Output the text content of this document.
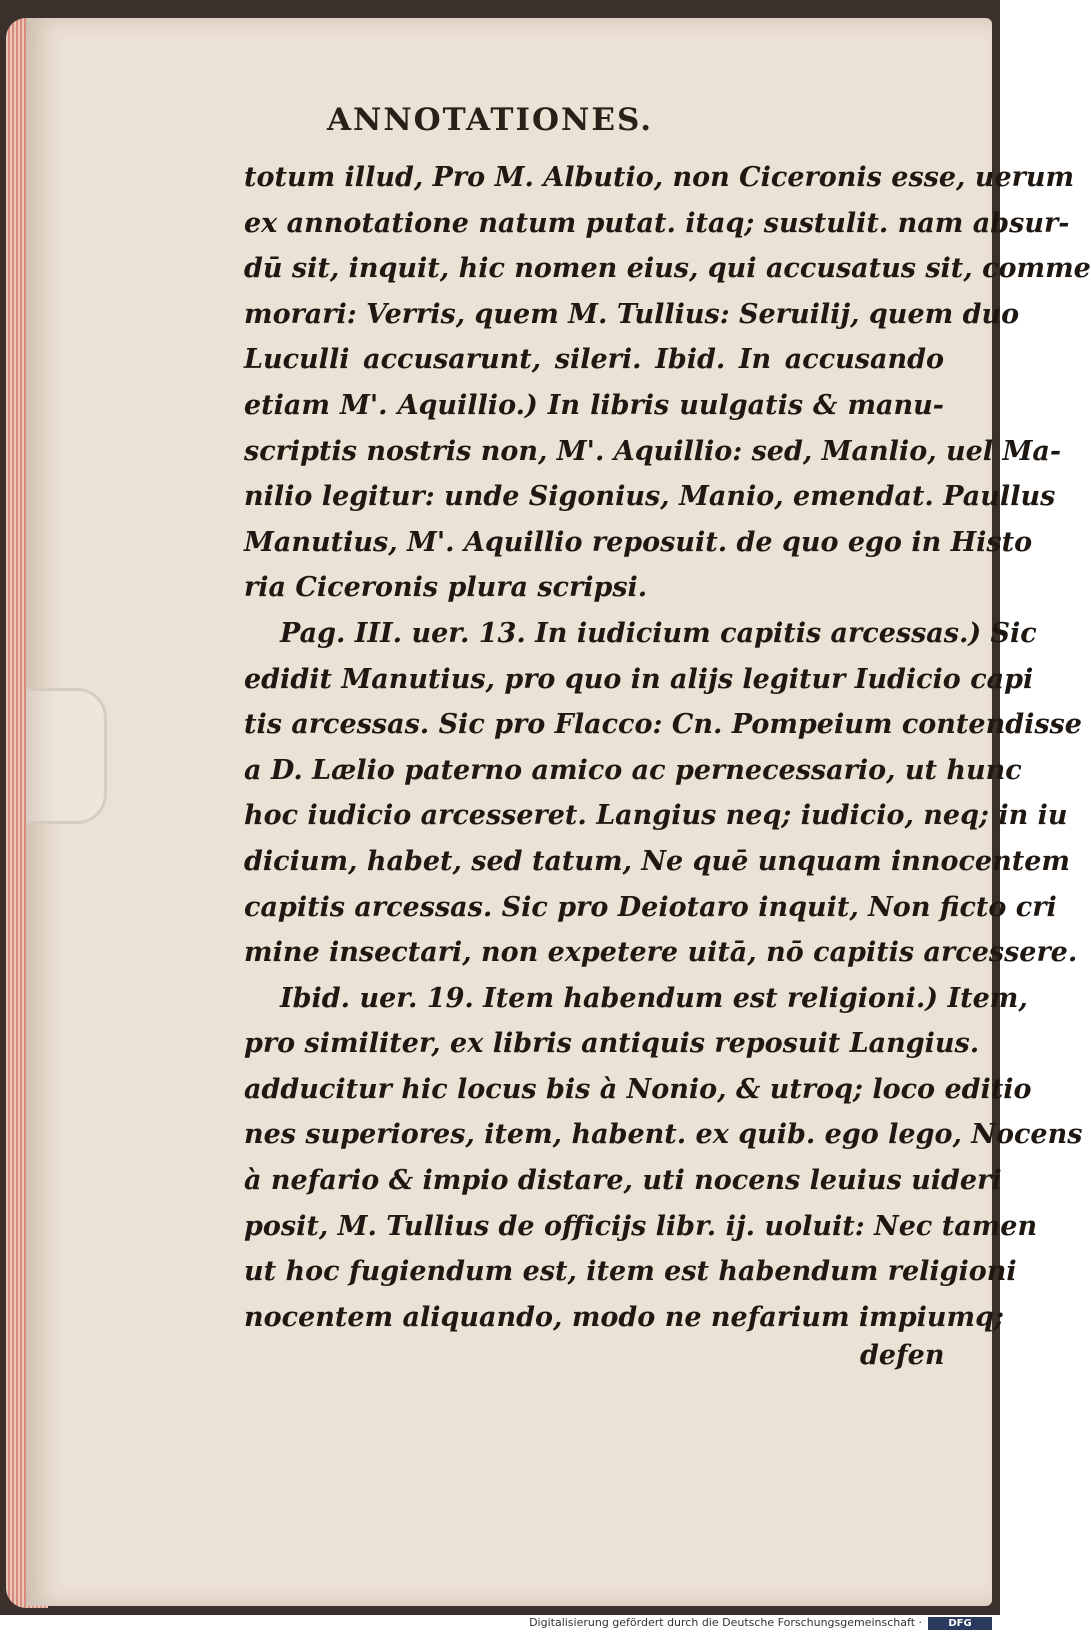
ANNOTATIONES.
totum illud, Pro M. Albutio, non Ciceronis esse, uerum
ex annotatione natum putat. itaq; sustulit. nam absur-
dū sit, inquit, hic nomen eius, qui accusatus sit, comme
morari: Verris, quem M. Tullius: Seruilij, quem duo
Luculli accusarunt, sileri. Ibid. In accusando
etiam M'. Aquillio.) In libris uulgatis & manu-
scriptis nostris non, M'. Aquillio: sed, Manlio, uel Ma-
nilio legitur: unde Sigonius, Manio, emendat. Paullus
Manutius, M'. Aquillio reposuit. de quo ego in Histo
ria Ciceronis plura scripsi.
Pag. III. uer. 13. In iudicium capitis arcessas.) Sic
edidit Manutius, pro quo in alijs legitur Iudicio capi
tis arcessas. Sic pro Flacco: Cn. Pompeium contendisse
a D. Lælio paterno amico ac pernecessario, ut hunc
hoc iudicio arcesseret. Langius neq; iudicio, neq; in iu
dicium, habet, sed tatum, Ne quē unquam innocentem
capitis arcessas. Sic pro Deiotaro inquit, Non ficto cri
mine insectari, non expetere uitā, nō capitis arcessere.
Ibid. uer. 19. Item habendum est religioni.) Item,
pro similiter, ex libris antiquis reposuit Langius.
adducitur hic locus bis à Nonio, & utroq; loco editio
nes superiores, item, habent. ex quib. ego lego, Nocens
à nefario & impio distare, uti nocens leuius uideri
posit, M. Tullius de officijs libr. ij. uoluit: Nec tamen
ut hoc fugiendum est, item est habendum religioni
nocentem aliquando, modo ne nefarium impiumq;
defen
Digitalisierung gefördert durch die Deutsche Forschungsgemeinschaft ·	DFG
